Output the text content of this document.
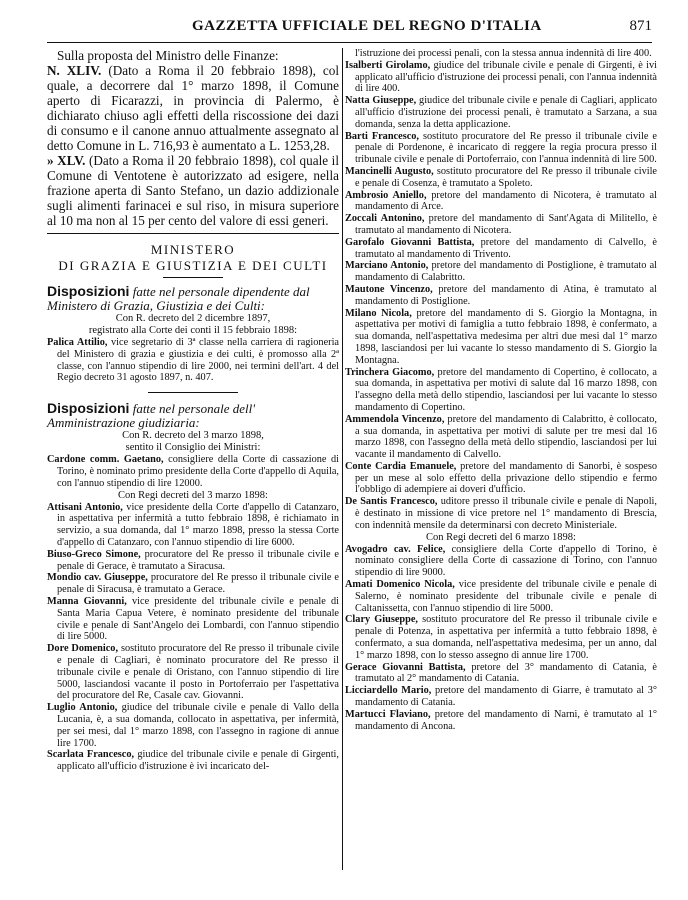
GAZZETTA UFFICIALE DEL REGNO D'ITALIA	871

Sulla proposta del Ministro delle Finanze:

N. XLIV. (Dato a Roma il 20 febbraio 1898), col quale, a decorrere dal 1° marzo 1898, il Comune aperto di Ficarazzi, in provincia di Palermo, è dichiarato chiuso agli effetti della riscossione dei dazi di consumo e il canone annuo attualmente assegnato al detto Comune in L. 716,93 è aumentato a L. 1253,28.

» XLV. (Dato a Roma il 20 febbraio 1898), col quale il Comune di Ventotene è autorizzato ad esigere, nella frazione aperta di Santo Stefano, un dazio addizionale sugli alimenti farinacei e sul riso, in misura superiore al 10 ma non al 15 per cento del valore di essi generi.

MINISTERO
DI GRAZIA E GIUSTIZIA E DEI CULTI
Disposizioni fatte nel personale dipendente dal Ministero di Grazia, Giustizia e dei Culti:
Con R. decreto del 2 dicembre 1897,
registrato alla Corte dei conti il 15 febbraio 1898:

Palica Attilio, vice segretario di 3ª classe nella carriera di ragioneria del Ministero di grazia e giustizia e dei culti, è promosso alla 2ª classe, con l'annuo stipendio di lire 2000, nei termini dell'art. 4 del Regio decreto 31 agosto 1897, n. 407.

Disposizioni fatte nel personale dell' Amministrazione giudiziaria:
Con R. decreto del 3 marzo 1898,
sentito il Consiglio dei Ministri:

Cardone comm. Gaetano, consigliere della Corte di cassazione di Torino, è nominato primo presidente della Corte d'appello di Aquila, con l'annuo stipendio di lire 12000.

Con Regi decreti del 3 marzo 1898:

Attisani Antonio, vice presidente della Corte d'appello di Catanzaro, in aspettativa per infermità a tutto febbraio 1898, è richiamato in servizio, a sua domanda, dal 1° marzo 1898, presso la stessa Corte d'appello di Catanzaro, con l'annuo stipendio di lire 6000.

Biuso-Greco Simone, procuratore del Re presso il tribunale civile e penale di Gerace, è tramutato a Siracusa.

Mondio cav. Giuseppe, procuratore del Re presso il tribunale civile e penale di Siracusa, è tramutato a Gerace.

Manna Giovanni, vice presidente del tribunale civile e penale di Santa Maria Capua Vetere, è nominato presidente del tribunale civile e penale di Sant'Angelo dei Lombardi, con l'annuo stipendio di lire 5000.

Dore Domenico, sostituto procuratore del Re presso il tribunale civile e penale di Cagliari, è nominato procuratore del Re presso il tribunale civile e penale di Oristano, con l'annuo stipendio di lire 5000, lasciandosi vacante il posto in Portoferraio per l'aspettativa del procuratore del Re, Casale cav. Giovanni.

Luglio Antonio, giudice del tribunale civile e penale di Vallo della Lucania, è, a sua domanda, collocato in aspettativa, per infermità, per sei mesi, dal 1° marzo 1898, con l'assegno in ragione di annue lire 1700.

Scarlata Francesco, giudice del tribunale civile e penale di Girgenti, applicato all'ufficio d'istruzione è ivi incaricato del-

l'istruzione dei processi penali, con la stessa annua indennità di lire 400.

Isalberti Girolamo, giudice del tribunale civile e penale di Girgenti, è ivi applicato all'ufficio d'istruzione dei processi penali, con l'annua indennità di lire 400.

Natta Giuseppe, giudice del tribunale civile e penale di Cagliari, applicato all'ufficio d'istruzione dei processi penali, è tramutato a Sarzana, a sua domanda, senza la detta applicazione.

Barti Francesco, sostituto procuratore del Re presso il tribunale civile e penale di Pordenone, è incaricato di reggere la regia procura presso il tribunale civile e penale di Portoferraio, con l'annua indennità di lire 500.

Mancinelli Augusto, sostituto procuratore del Re presso il tribunale civile e penale di Cosenza, è tramutato a Spoleto.

Ambrosio Aniello, pretore del mandamento di Nicotera, è tramutato al mandamento di Arce.

Zoccali Antonino, pretore del mandamento di Sant'Agata di Militello, è tramutato al mandamento di Nicotera.

Garofalo Giovanni Battista, pretore del mandamento di Calvello, è tramutato al mandamento di Trivento.

Marciano Antonio, pretore del mandamento di Postiglione, è tramutato al mandamento di Calabritto.

Mautone Vincenzo, pretore del mandamento di Atina, è tramutato al mandamento di Postiglione.

Milano Nicola, pretore del mandamento di S. Giorgio la Montagna, in aspettativa per motivi di famiglia a tutto febbraio 1898, è confermato, a sua domanda, nell'aspettativa medesima per altri due mesi dal 1° marzo 1898, lasciandosi per lui vacante lo stesso mandamento di S. Giorgio la Montagna.

Trinchera Giacomo, pretore del mandamento di Copertino, è collocato, a sua domanda, in aspettativa per motivi di salute dal 16 marzo 1898, con l'assegno della metà dello stipendio, lasciandosi per lui vacante lo stesso mandamento di Copertino.

Ammendola Vincenzo, pretore del mandamento di Calabritto, è collocato, a sua domanda, in aspettativa per motivi di salute per tre mesi dal 16 marzo 1898, con l'assegno della metà dello stipendio, lasciandosi per lui vacante il mandamento di Calvello.

Conte Cardia Emanuele, pretore del mandamento di Sanorbi, è sospeso per un mese al solo effetto della privazione dello stipendio e fermo l'obbligo di adempiere ai doveri d'ufficio.

De Santis Francesco, uditore presso il tribunale civile e penale di Napoli, è destinato in missione di vice pretore nel 1° mandamento di Brescia, con indennità mensile da determinarsi con decreto Ministeriale.

Con Regi decreti del 6 marzo 1898:

Avogadro cav. Felice, consigliere della Corte d'appello di Torino, è nominato consigliere della Corte di cassazione di Torino, con l'annuo stipendio di lire 9000.

Amati Domenico Nicola, vice presidente del tribunale civile e penale di Salerno, è nominato presidente del tribunale civile e penale di Caltanissetta, con l'annuo stipendio di lire 5000.

Clary Giuseppe, sostituto procuratore del Re presso il tribunale civile e penale di Potenza, in aspettativa per infermità a tutto febbraio 1898, è confermato, a sua domanda, nell'aspettativa medesima, per un anno, dal 1° marzo 1898, con lo stesso assegno di annue lire 1700.

Gerace Giovanni Battista, pretore del 3° mandamento di Catania, è tramutato al 2° mandamento di Catania.

Licciardello Mario, pretore del mandamento di Giarre, è tramutato al 3° mandamento di Catania.

Martucci Flaviano, pretore del mandamento di Narni, è tramutato al 1° mandamento di Ancona.
